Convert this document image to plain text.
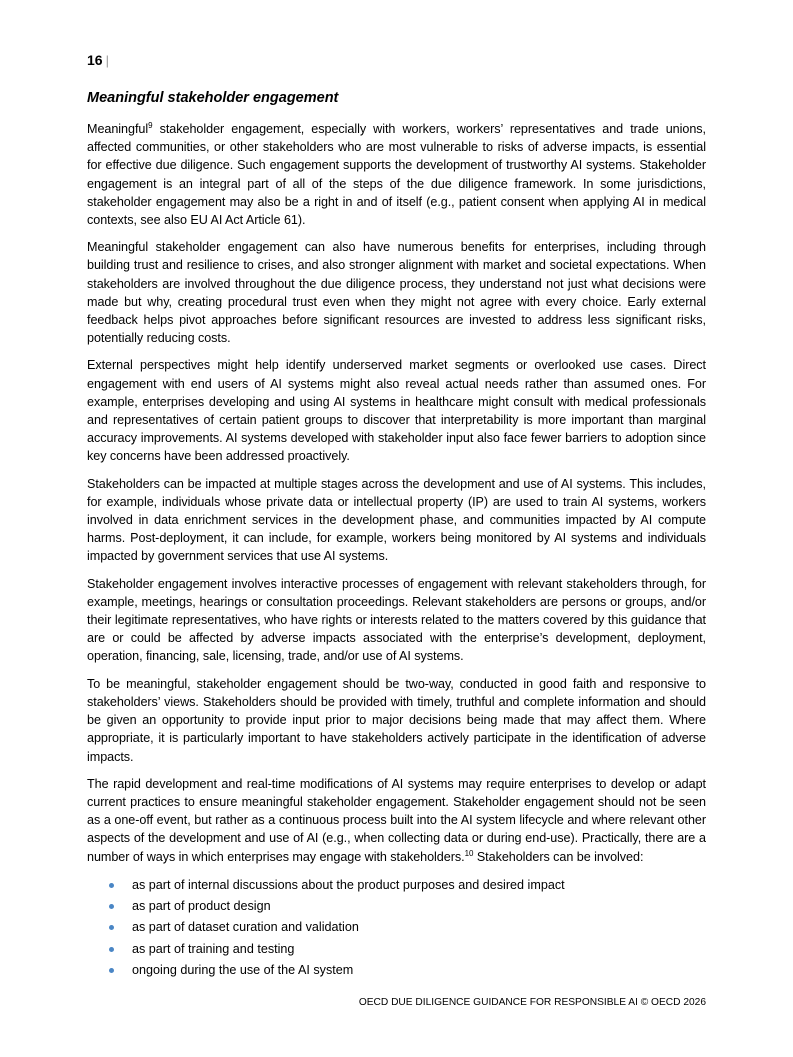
16 |
Meaningful stakeholder engagement

Meaningful$^9$ stakeholder engagement, especially with workers, workers’ representatives and trade unions, affected communities, or other stakeholders who are most vulnerable to risks of adverse impacts, is essential for effective due diligence. Such engagement supports the development of trustworthy AI systems. Stakeholder engagement is an integral part of all of the steps of the due diligence framework. In some jurisdictions, stakeholder engagement may also be a right in and of itself (e.g., patient consent when applying AI in medical contexts, see also EU AI Act Article 61).

Meaningful stakeholder engagement can also have numerous benefits for enterprises, including through building trust and resilience to crises, and also stronger alignment with market and societal expectations. When stakeholders are involved throughout the due diligence process, they understand not just what decisions were made but why, creating procedural trust even when they might not agree with every choice. Early external feedback helps pivot approaches before significant resources are invested to address less significant risks, potentially reducing costs.

External perspectives might help identify underserved market segments or overlooked use cases. Direct engagement with end users of AI systems might also reveal actual needs rather than assumed ones. For example, enterprises developing and using AI systems in healthcare might consult with medical professionals and representatives of certain patient groups to discover that interpretability is more important than marginal accuracy improvements. AI systems developed with stakeholder input also face fewer barriers to adoption since key concerns have been addressed proactively.

Stakeholders can be impacted at multiple stages across the development and use of AI systems. This includes, for example, individuals whose private data or intellectual property (IP) are used to train AI systems, workers involved in data enrichment services in the development phase, and communities impacted by AI compute harms. Post-deployment, it can include, for example, workers being monitored by AI systems and individuals impacted by government services that use AI systems.

Stakeholder engagement involves interactive processes of engagement with relevant stakeholders through, for example, meetings, hearings or consultation proceedings. Relevant stakeholders are persons or groups, and/or their legitimate representatives, who have rights or interests related to the matters covered by this guidance that are or could be affected by adverse impacts associated with the enterprise’s development, deployment, operation, financing, sale, licensing, trade, and/or use of AI systems.

To be meaningful, stakeholder engagement should be two-way, conducted in good faith and responsive to stakeholders’ views. Stakeholders should be provided with timely, truthful and complete information and should be given an opportunity to provide input prior to major decisions being made that may affect them. Where appropriate, it is particularly important to have stakeholders actively participate in the identification of adverse impacts.

The rapid development and real-time modifications of AI systems may require enterprises to develop or adapt current practices to ensure meaningful stakeholder engagement. Stakeholder engagement should not be seen as a one-off event, but rather as a continuous process built into the AI system lifecycle and where relevant other aspects of the development and use of AI (e.g., when collecting data or during end-use). Practically, there are a number of ways in which enterprises may engage with stakeholders.$^{10}$ Stakeholders can be involved:

as part of internal discussions about the product purposes and desired impact
as part of product design
as part of dataset curation and validation
as part of training and testing
ongoing during the use of the AI system
OECD DUE DILIGENCE GUIDANCE FOR RESPONSIBLE AI © OECD 2026
